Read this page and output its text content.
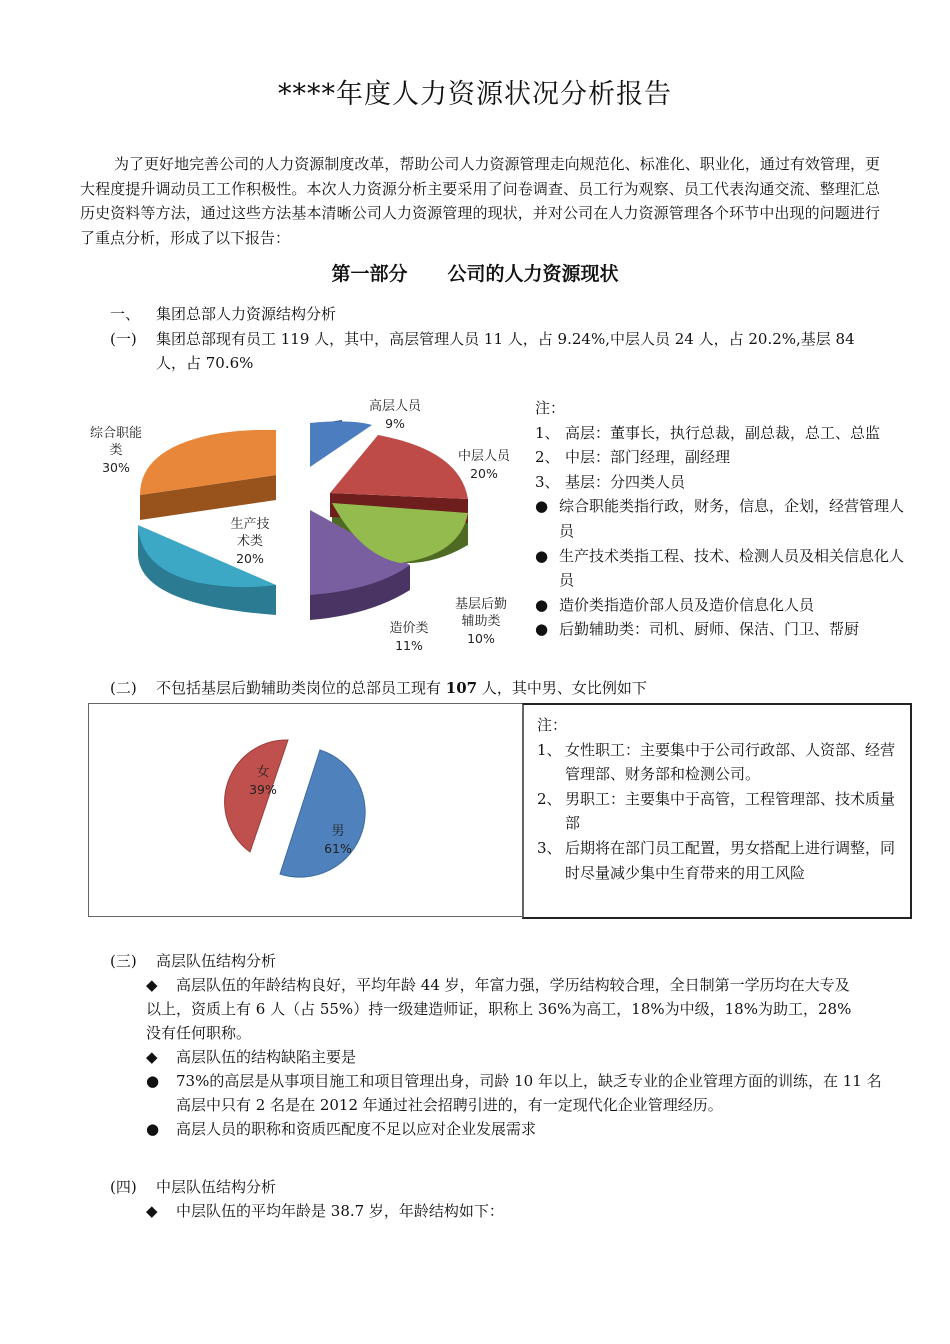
****年度人力资源状况分析报告
为了更好地完善公司的人力资源制度改革，帮助公司人力资源管理走向规范化、标准化、职业化，通过有效管理，更大程度提升调动员工工作积极性。本次人力资源分析主要采用了问卷调查、员工行为观察、员工代表沟通交流、整理汇总历史资料等方法，通过这些方法基本清晰公司人力资源管理的现状，并对公司在人力资源管理各个环节中出现的问题进行了重点分析，形成了以下报告：
第一部分 公司的人力资源现状
一、 集团总部人力资源结构分析
(一)	集团总部现有员工 119 人，其中，高层管理人员 11 人，占 9.24%,中层人员 24 人，占 20.2%,基层 84 人，占 70.6%
高层人员
9%
中层人员
20%
基层后勤
辅助类
10%
造价类
11%
生产技
术类
20%
综合职能
类
30%
注：
1、 高层：董事长，执行总裁，副总裁，总工、总监
2、 中层：部门经理，副经理
3、 基层：分四类人员
● 综合职能类指行政，财务，信息，企划，经营管理人员
● 生产技术类指工程、技术、检测人员及相关信息化人员
● 造价类指造价部人员及造价信息化人员
● 后勤辅助类：司机、厨师、保洁、门卫、帮厨
(二) 不包括基层后勤辅助类岗位的总部员工现有 107 人，其中男、女比例如下
女
39%
男
61%
注：
1、 女性职工：主要集中于公司行政部、人资部、经营管理部、财务部和检测公司。
2、 男职工：主要集中于高管，工程管理部、技术质量部
3、 后期将在部门员工配置，男女搭配上进行调整，同时尽量减少集中生育带来的用工风险
(三) 高层队伍结构分析
◆	高层队伍的年龄结构良好，平均年龄 44 岁，年富力强，学历结构较合理，全日制第一学历均在大专及以上，资质上有 6 人（占 55%）持一级建造师证，职称上 36%为高工，18%为中级，18%为助工，28%没有任何职称。
◆	高层队伍的结构缺陷主要是
●	73%的高层是从事项目施工和项目管理出身，司龄 10 年以上，缺乏专业的企业管理方面的训练，在 11 名高层中只有 2 名是在 2012 年通过社会招聘引进的，有一定现代化企业管理经历。
●	高层人员的职称和资质匹配度不足以应对企业发展需求
(四) 中层队伍结构分析
◆	中层队伍的平均年龄是 38.7 岁，年龄结构如下：
